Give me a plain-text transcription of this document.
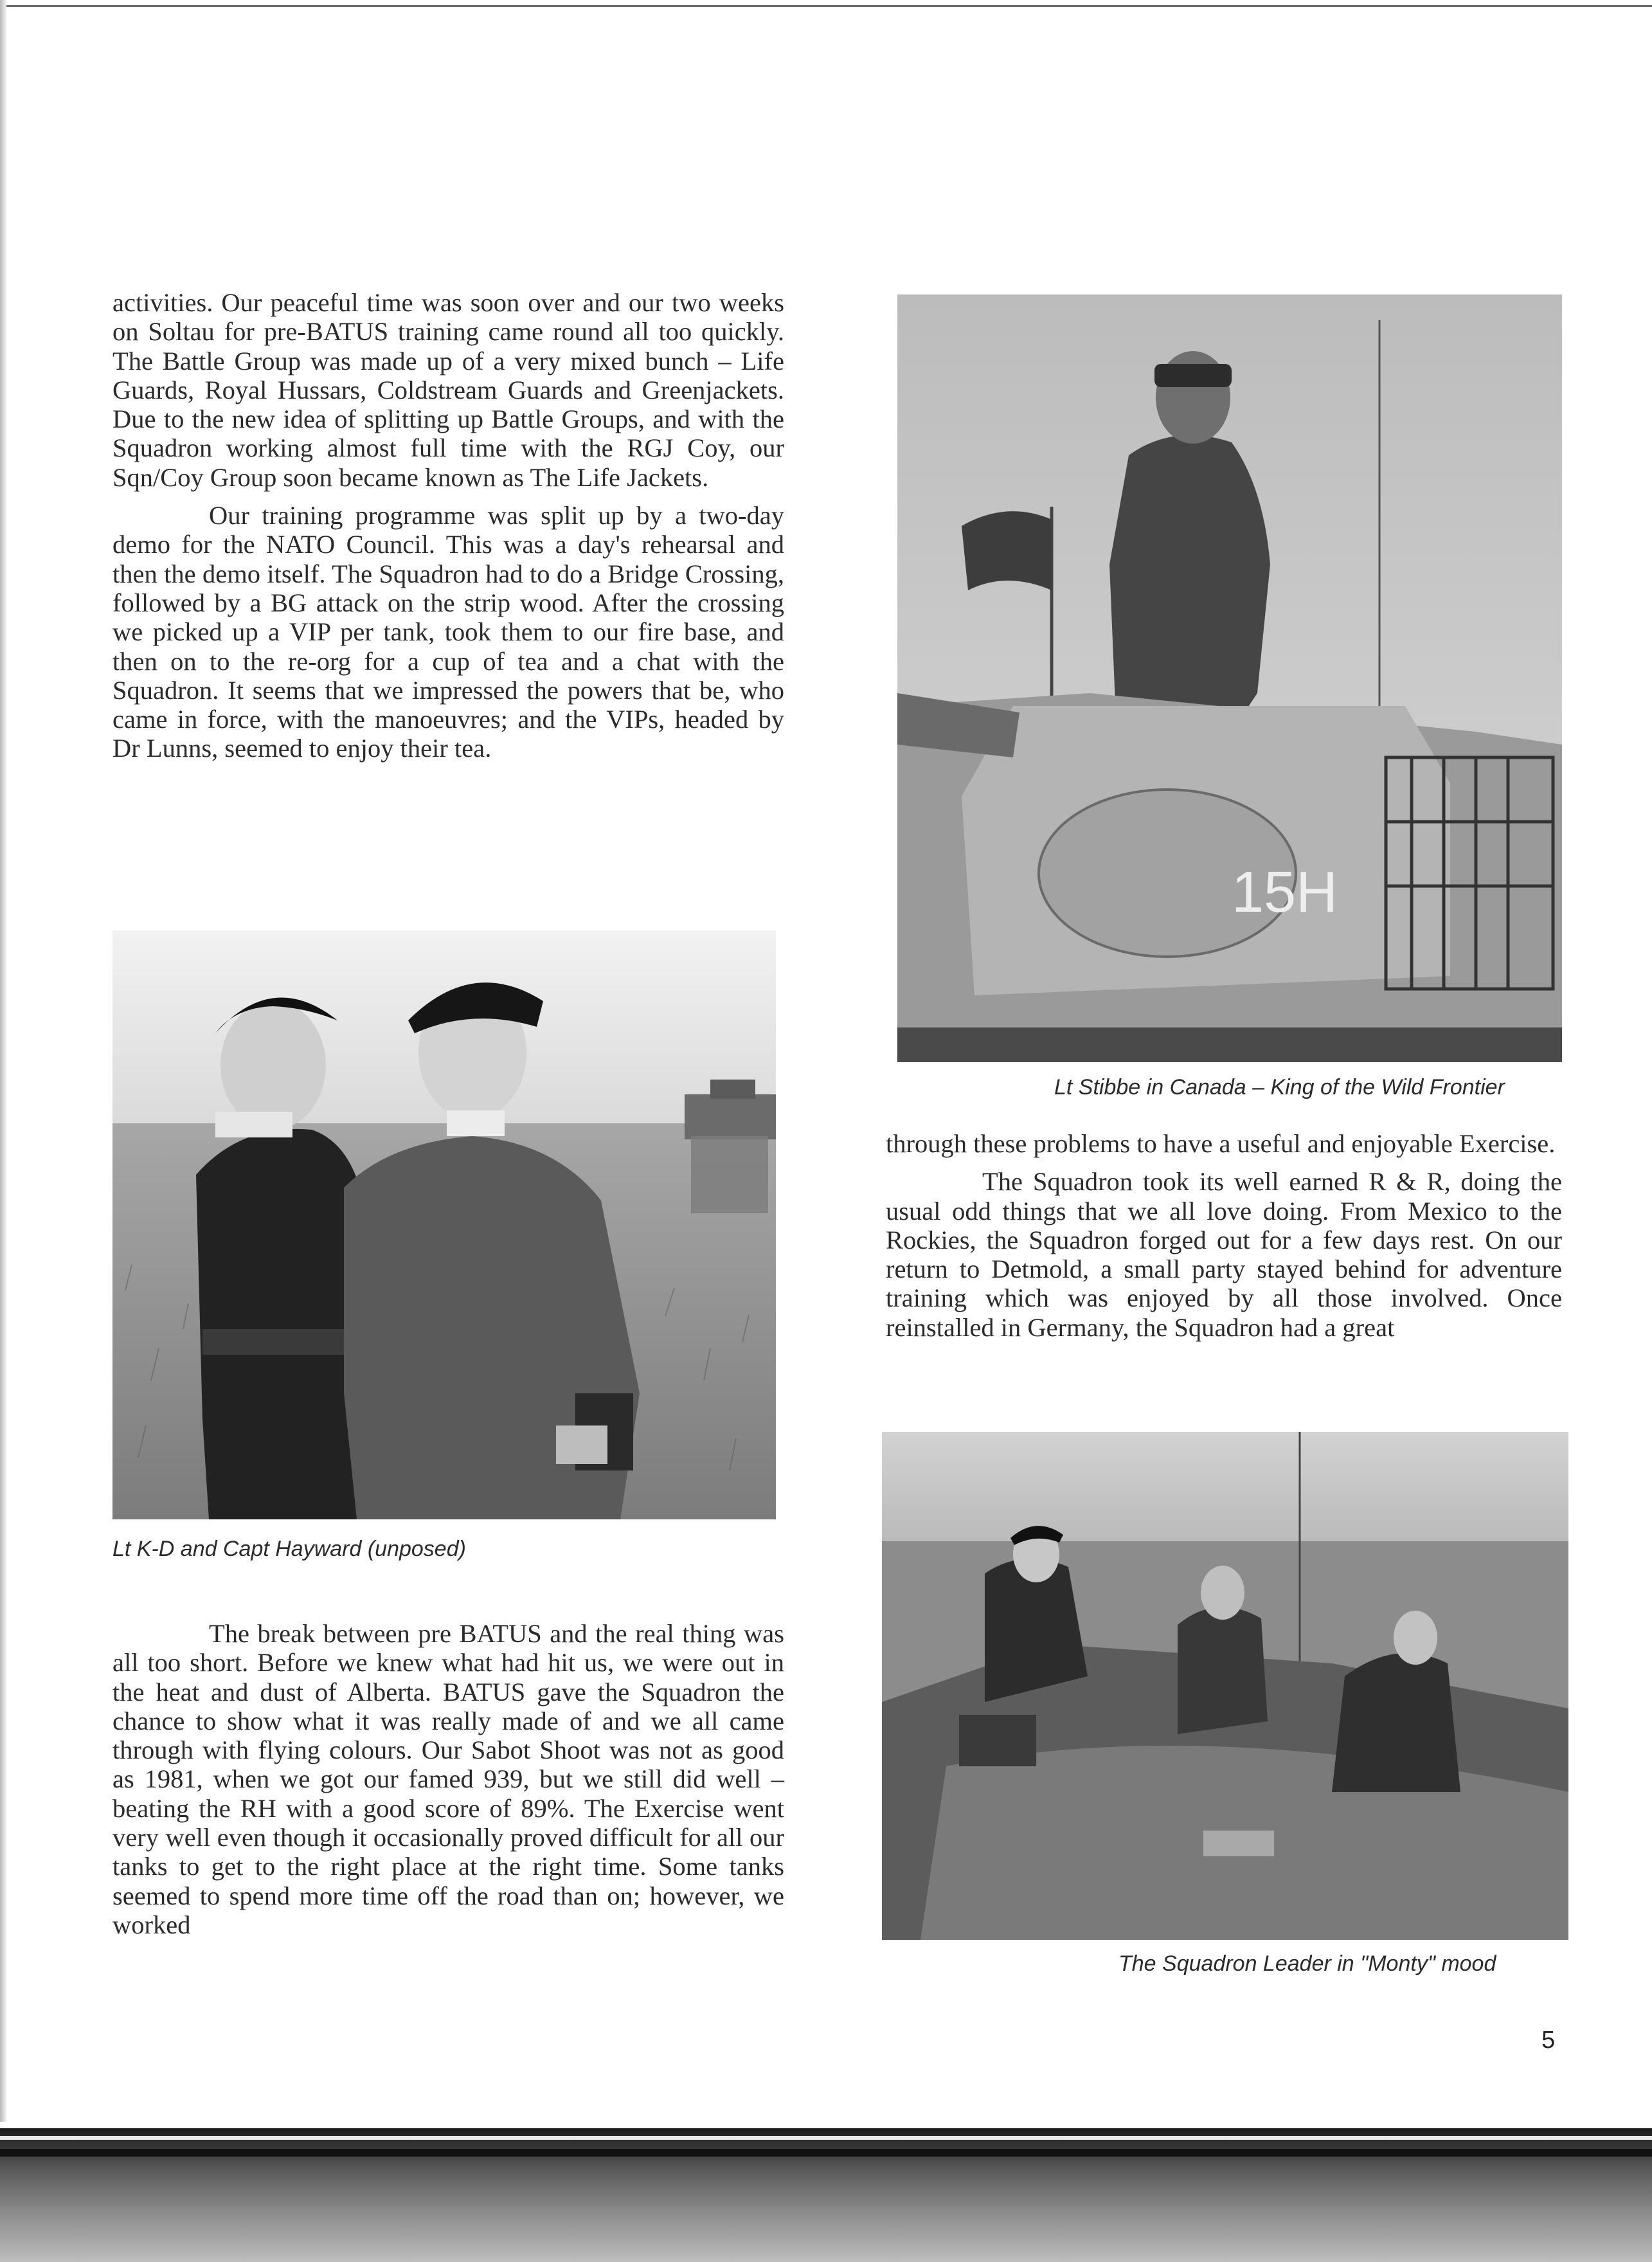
activities. Our peaceful time was soon over and our two weeks on Soltau for pre-BATUS training came round all too quickly. The Battle Group was made up of a very mixed bunch – Life Guards, Royal Hussars, Coldstream Guards and Greenjackets. Due to the new idea of splitting up Battle Groups, and with the Squadron working almost full time with the RGJ Coy, our Sqn/Coy Group soon became known as The Life Jackets.

Our training programme was split up by a two-day demo for the NATO Council. This was a day's rehearsal and then the demo itself. The Squadron had to do a Bridge Crossing, followed by a BG attack on the strip wood. After the crossing we picked up a VIP per tank, took them to our fire base, and then on to the re-org for a cup of tea and a chat with the Squadron. It seems that we impressed the powers that be, who came in force, with the manoeuvres; and the VIPs, headed by Dr Lunns, seemed to enjoy their tea.

Lt K-D and Capt Hayward (unposed)

The break between pre BATUS and the real thing was all too short. Before we knew what had hit us, we were out in the heat and dust of Alberta. BATUS gave the Squadron the chance to show what it was really made of and we all came through with flying colours. Our Sabot Shoot was not as good as 1981, when we got our famed 939, but we still did well – beating the RH with a good score of 89%. The Exercise went very well even though it occasionally proved difficult for all our tanks to get to the right place at the right time. Some tanks seemed to spend more time off the road than on; however, we worked

15H
Lt Stibbe in Canada – King of the Wild Frontier

through these problems to have a useful and enjoyable Exercise.

The Squadron took its well earned R & R, doing the usual odd things that we all love doing. From Mexico to the Rockies, the Squadron forged out for a few days rest. On our return to Detmold, a small party stayed behind for adventure training which was enjoyed by all those involved. Once reinstalled in Germany, the Squadron had a great

The Squadron Leader in "Monty" mood
5
